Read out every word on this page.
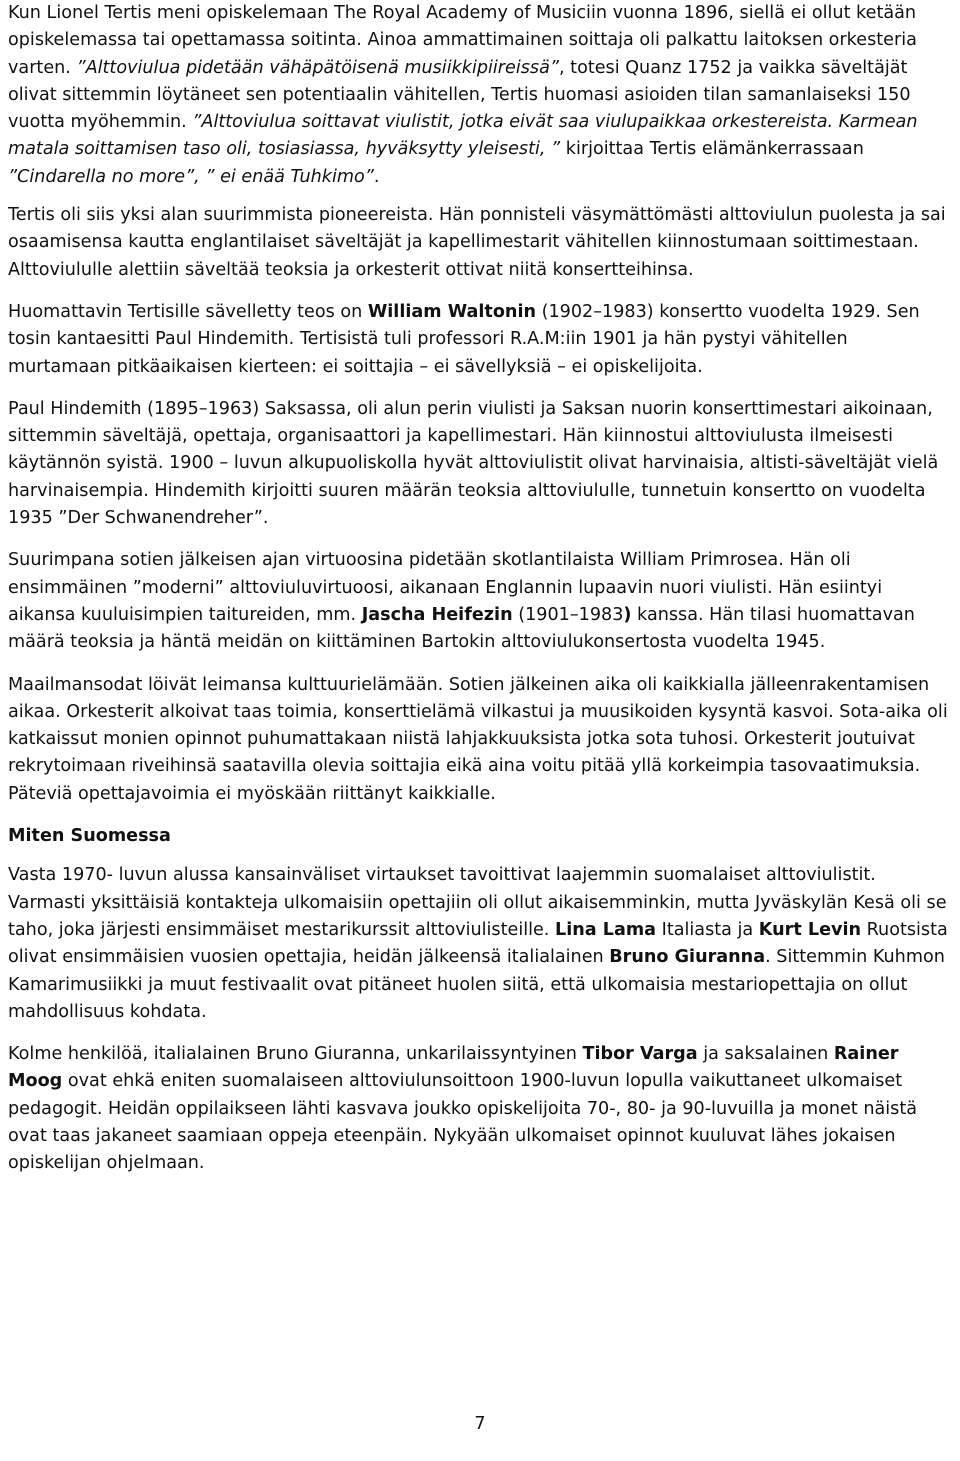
Kun Lionel Tertis meni opiskelemaan The Royal Academy of Musiciin vuonna 1896, siellä ei ollut ketään opiskelemassa tai opettamassa soitinta. Ainoa ammattimainen soittaja oli palkattu laitoksen orkesteria varten. ”Alttoviulua pidetään vähäpätöisenä musiikkipiireissä”, totesi Quanz 1752 ja vaikka säveltäjät olivat sittemmin löytäneet sen potentiaalin vähitellen, Tertis huomasi asioiden tilan samanlaiseksi 150 vuotta myöhemmin. ”Alttoviulua soittavat viulistit, jotka eivät saa viulupaikkaa orkestereista. Karmean matala soittamisen taso oli, tosiasiassa, hyväksytty yleisesti, ” kirjoittaa Tertis elämänkerrassaan ”Cindarella no more”, ” ei enää Tuhkimo”.

Tertis oli siis yksi alan suurimmista pioneereista. Hän ponnisteli väsymättömästi alttoviulun puolesta ja sai osaamisensa kautta englantilaiset säveltäjät ja kapellimestarit vähitellen kiinnostumaan soittimestaan. Alttoviululle alettiin säveltää teoksia ja orkesterit ottivat niitä konsertteihinsa.

Huomattavin Tertisille sävelletty teos on William Waltonin (1902–1983) konsertto vuodelta 1929. Sen tosin kantaesitti Paul Hindemith. Tertisistä tuli professori R.A.M:iin 1901 ja hän pystyi vähitellen murtamaan pitkäaikaisen kierteen: ei soittajia – ei sävellyksiä – ei opiskelijoita.

Paul Hindemith (1895–1963) Saksassa, oli alun perin viulisti ja Saksan nuorin konserttimestari aikoinaan, sittemmin säveltäjä, opettaja, organisaattori ja kapellimestari. Hän kiinnostui alttoviulusta ilmeisesti käytännön syistä. 1900 – luvun alkupuoliskolla hyvät alttoviulistit olivat harvinaisia, altisti-säveltäjät vielä harvinaisempia. Hindemith kirjoitti suuren määrän teoksia alttoviululle, tunnetuin konsertto on vuodelta 1935 ”Der Schwanendreher”.

Suurimpana sotien jälkeisen ajan virtuoosina pidetään skotlantilaista William Primrosea. Hän oli ensimmäinen ”moderni” alttoviuluvirtuoosi, aikanaan Englannin lupaavin nuori viulisti. Hän esiintyi aikansa kuuluisimpien taitureiden, mm. Jascha Heifezin (1901–1983) kanssa. Hän tilasi huomattavan määrä teoksia ja häntä meidän on kiittäminen Bartokin alttoviulukonsertosta vuodelta 1945.

Maailmansodat löivät leimansa kulttuurielämään. Sotien jälkeinen aika oli kaikkialla jälleenrakentamisen aikaa. Orkesterit alkoivat taas toimia, konserttielämä vilkastui ja muusikoiden kysyntä kasvoi. Sota-aika oli katkaissut monien opinnot puhumattakaan niistä lahjakkuuksista jotka sota tuhosi. Orkesterit joutuivat rekrytoimaan riveihinsä saatavilla olevia soittajia eikä aina voitu pitää yllä korkeimpia tasovaatimuksia. Päteviä opettajavoimia ei myöskään riittänyt kaikkialle.

Miten Suomessa

Vasta 1970- luvun alussa kansainväliset virtaukset tavoittivat laajemmin suomalaiset alttoviulistit. Varmasti yksittäisiä kontakteja ulkomaisiin opettajiin oli ollut aikaisemminkin, mutta Jyväskylän Kesä oli se taho, joka järjesti ensimmäiset mestarikurssit alttoviulisteille. Lina Lama Italiasta ja Kurt Levin Ruotsista olivat ensimmäisien vuosien opettajia, heidän jälkeensä italialainen Bruno Giuranna. Sittemmin Kuhmon Kamarimusiikki ja muut festivaalit ovat pitäneet huolen siitä, että ulkomaisia mestariopettajia on ollut mahdollisuus kohdata.

Kolme henkilöä, italialainen Bruno Giuranna, unkarilaissyntyinen Tibor Varga ja saksalainen Rainer Moog ovat ehkä eniten suomalaiseen alttoviulunsoittoon 1900-luvun lopulla vaikuttaneet ulkomaiset pedagogit. Heidän oppilaikseen lähti kasvava joukko opiskelijoita 70-, 80- ja 90-luvuilla ja monet näistä ovat taas jakaneet saamiaan oppeja eteenpäin. Nykyään ulkomaiset opinnot kuuluvat lähes jokaisen opiskelijan ohjelmaan.

7
